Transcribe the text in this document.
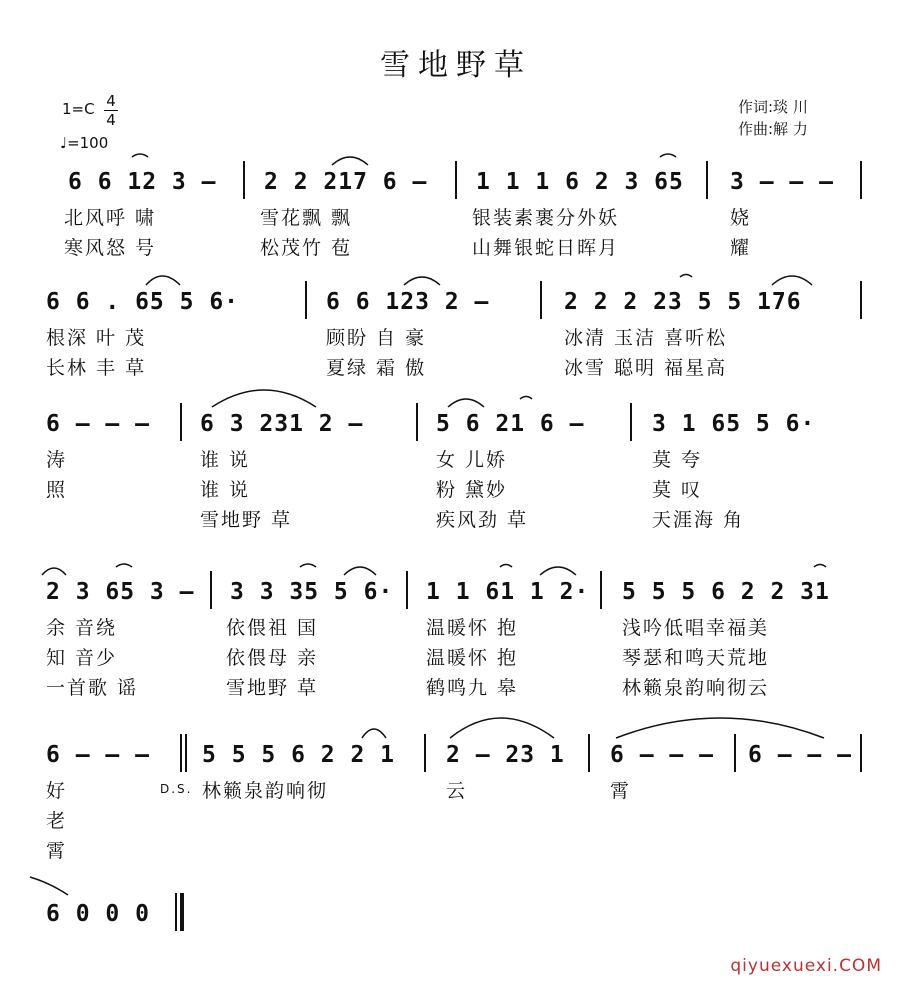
雪地野草
1=C 4
4
♩=100
作词:琰 川
作曲:解 力
6 6 12 3 – 2 2 217 6 – 1 1 1 6 2 3 65 3 – – –
北风呼 啸	雪花飘 飘	银装素裹分外妖	娆
寒风怒 号	松茂竹 苞	山舞银蛇日晖月	耀
6 6 . 65 5 6·	6 6 123 2 –	2 2 2 23 5 5 176
根深 叶 茂	顾盼 自 豪	冰清 玉洁 喜听松
长林 丰 草	夏绿 霜 傲	冰雪 聪明 福星高
6 – – – 6 3 231 2 –	5 6 21 6 –	3 1 65 5 6·
涛	谁 说	女 儿娇	莫 夸
照	谁 说	粉 黛妙	莫 叹
雪地野 草	疾风劲 草	天涯海 角
2 3 65 3 – 3 3 35 5 6· 1 1 61 1 2· 5 5 5 6 2 2 31
余 音绕	依偎祖 国	温暖怀 抱	浅吟低唱幸福美
知 音少	依偎母 亲	温暖怀 抱	琴瑟和鸣天荒地
一首歌 谣	雪地野 草	鹤鸣九 皋	林籁泉韵响彻云
6 – – – 5 5 5 6 2 2 1 2 – 23 1 6 – – – 6 – – –
好	D.S. 林籁泉韵响彻	云	霄
老
霄
6 0 0 0
qiyuexuexi.COM
